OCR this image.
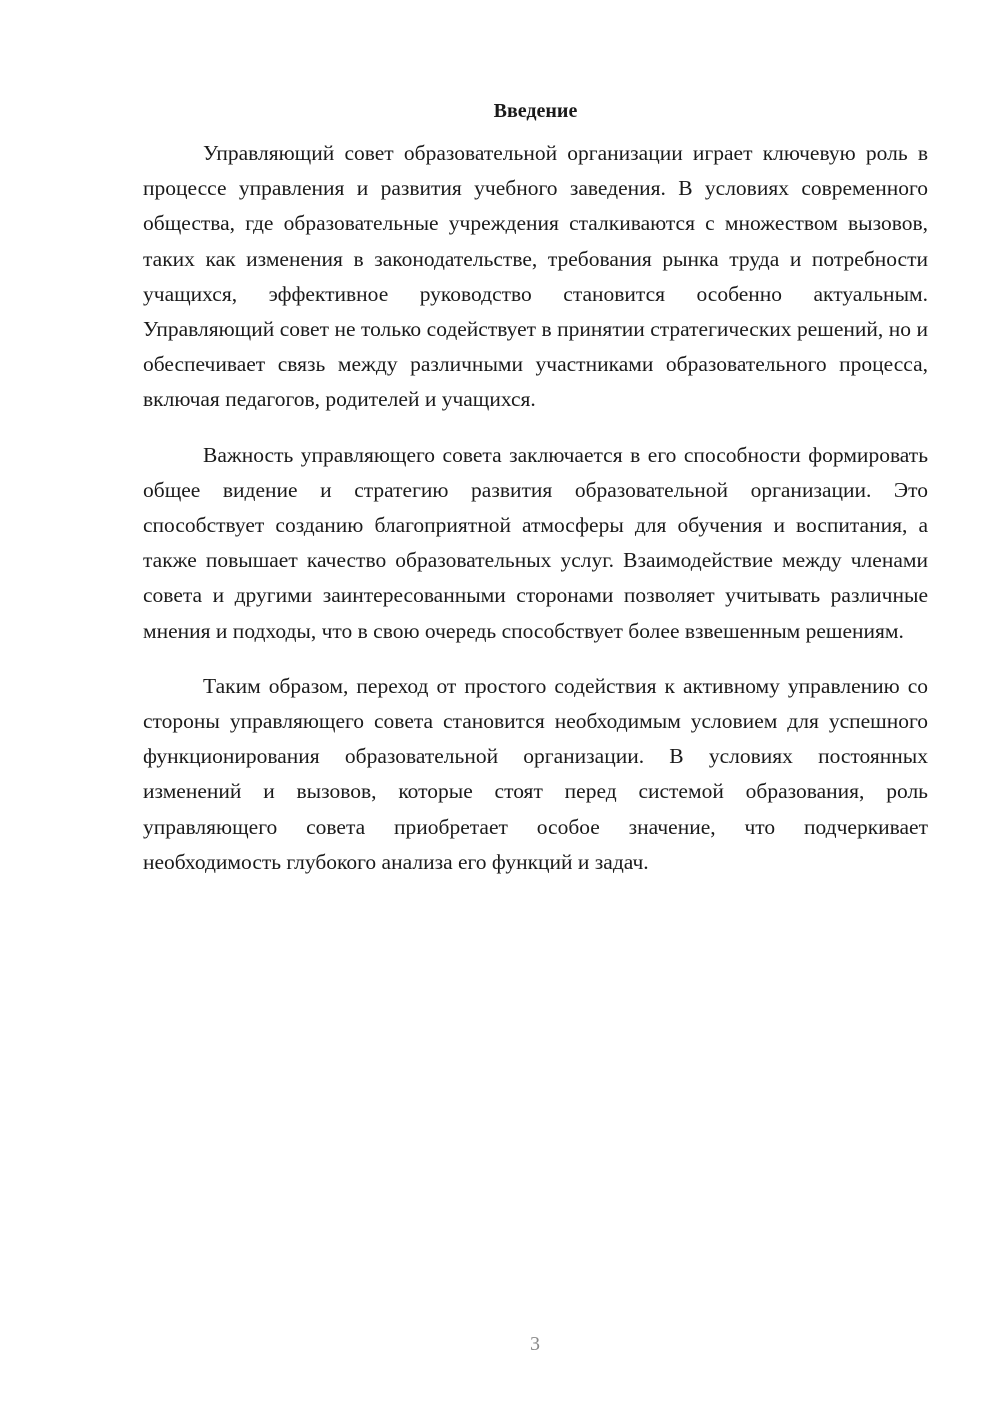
Введение

Управляющий совет образовательной организации играет ключевую роль в процессе управления и развития учебного заведения. В условиях современного общества, где образовательные учреждения сталкиваются с множеством вызовов, таких как изменения в законодательстве, требования рынка труда и потребности учащихся, эффективное руководство становится особенно актуальным. Управляющий совет не только содействует в принятии стратегических решений, но и обеспечивает связь между различными участниками образовательного процесса, включая педагогов, родителей и учащихся.

Важность управляющего совета заключается в его способности формировать общее видение и стратегию развития образовательной организации. Это способствует созданию благоприятной атмосферы для обучения и воспитания, а также повышает качество образовательных услуг. Взаимодействие между членами совета и другими заинтересованными сторонами позволяет учитывать различные мнения и подходы, что в свою очередь способствует более взвешенным решениям.

Таким образом, переход от простого содействия к активному управлению со стороны управляющего совета становится необходимым условием для успешного функционирования образовательной организации. В условиях постоянных изменений и вызовов, которые стоят перед системой образования, роль управляющего совета приобретает особое значение, что подчеркивает необходимость глубокого анализа его функций и задач.

3
